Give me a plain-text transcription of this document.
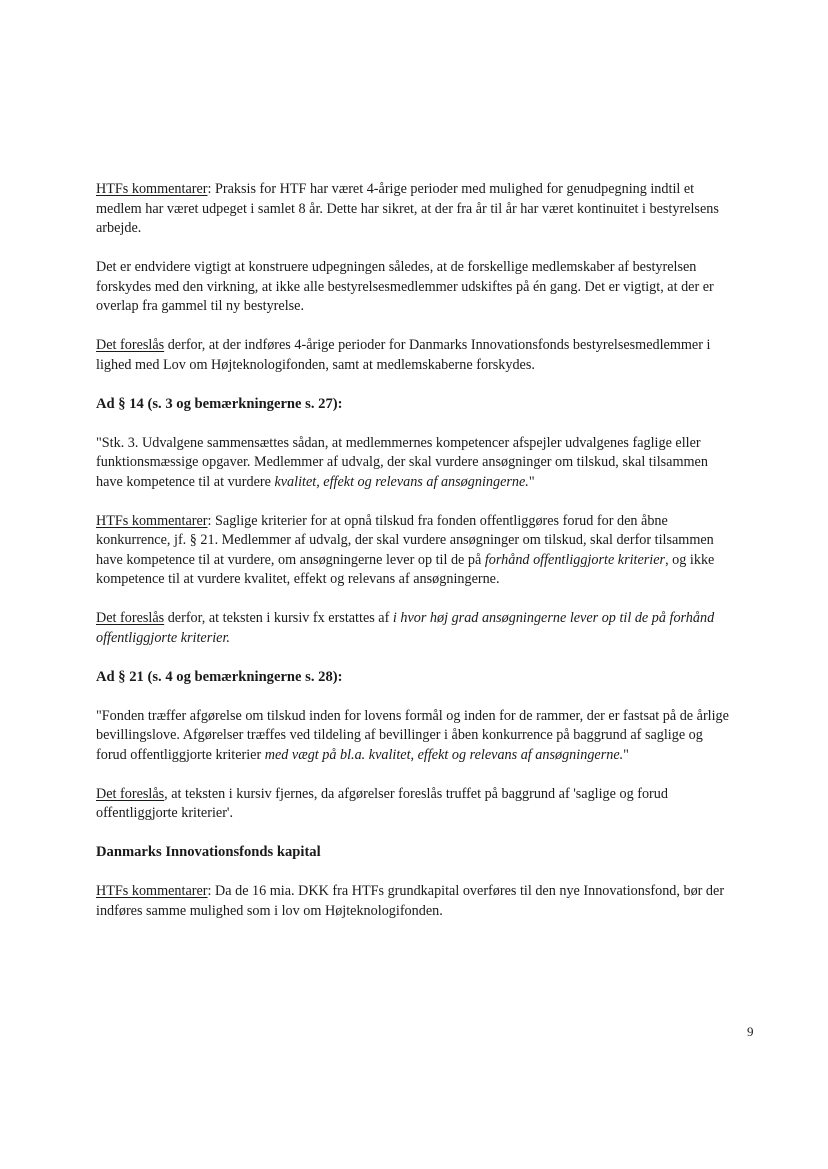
HTFs kommentarer: Praksis for HTF har været 4-årige perioder med mulighed for genudpegning indtil et medlem har været udpeget i samlet 8 år. Dette har sikret, at der fra år til år har været kontinuitet i bestyrelsens arbejde.

Det er endvidere vigtigt at konstruere udpegningen således, at de forskellige medlemskaber af bestyrelsen forskydes med den virkning, at ikke alle bestyrelsesmedlemmer udskiftes på én gang. Det er vigtigt, at der er overlap fra gammel til ny bestyrelse.

Det foreslås derfor, at der indføres 4-årige perioder for Danmarks Innovationsfonds bestyrelsesmedlemmer i lighed med Lov om Højteknologifonden, samt at medlemskaberne forskydes.

Ad § 14 (s. 3 og bemærkningerne s. 27):

"Stk. 3. Udvalgene sammensættes sådan, at medlemmernes kompetencer afspejler udvalgenes faglige eller funktionsmæssige opgaver. Medlemmer af udvalg, der skal vurdere ansøgninger om tilskud, skal tilsammen have kompetence til at vurdere kvalitet, effekt og relevans af ansøgningerne."

HTFs kommentarer: Saglige kriterier for at opnå tilskud fra fonden offentliggøres forud for den åbne konkurrence, jf. § 21. Medlemmer af udvalg, der skal vurdere ansøgninger om tilskud, skal derfor tilsammen have kompetence til at vurdere, om ansøgningerne lever op til de på forhånd offentliggjorte kriterier, og ikke kompetence til at vurdere kvalitet, effekt og relevans af ansøgningerne.

Det foreslås derfor, at teksten i kursiv fx erstattes af i hvor høj grad ansøgningerne lever op til de på forhånd offentliggjorte kriterier.

Ad § 21 (s. 4 og bemærkningerne s. 28):

"Fonden træffer afgørelse om tilskud inden for lovens formål og inden for de rammer, der er fastsat på de årlige bevillingslove. Afgørelser træffes ved tildeling af bevillinger i åben konkurrence på baggrund af saglige og forud offentliggjorte kriterier med vægt på bl.a. kvalitet, effekt og relevans af ansøgningerne."

Det foreslås, at teksten i kursiv fjernes, da afgørelser foreslås truffet på baggrund af 'saglige og forud offentliggjorte kriterier'.

Danmarks Innovationsfonds kapital

HTFs kommentarer: Da de 16 mia. DKK fra HTFs grundkapital overføres til den nye Innovationsfond, bør der indføres samme mulighed som i lov om Højteknologifonden.

9
